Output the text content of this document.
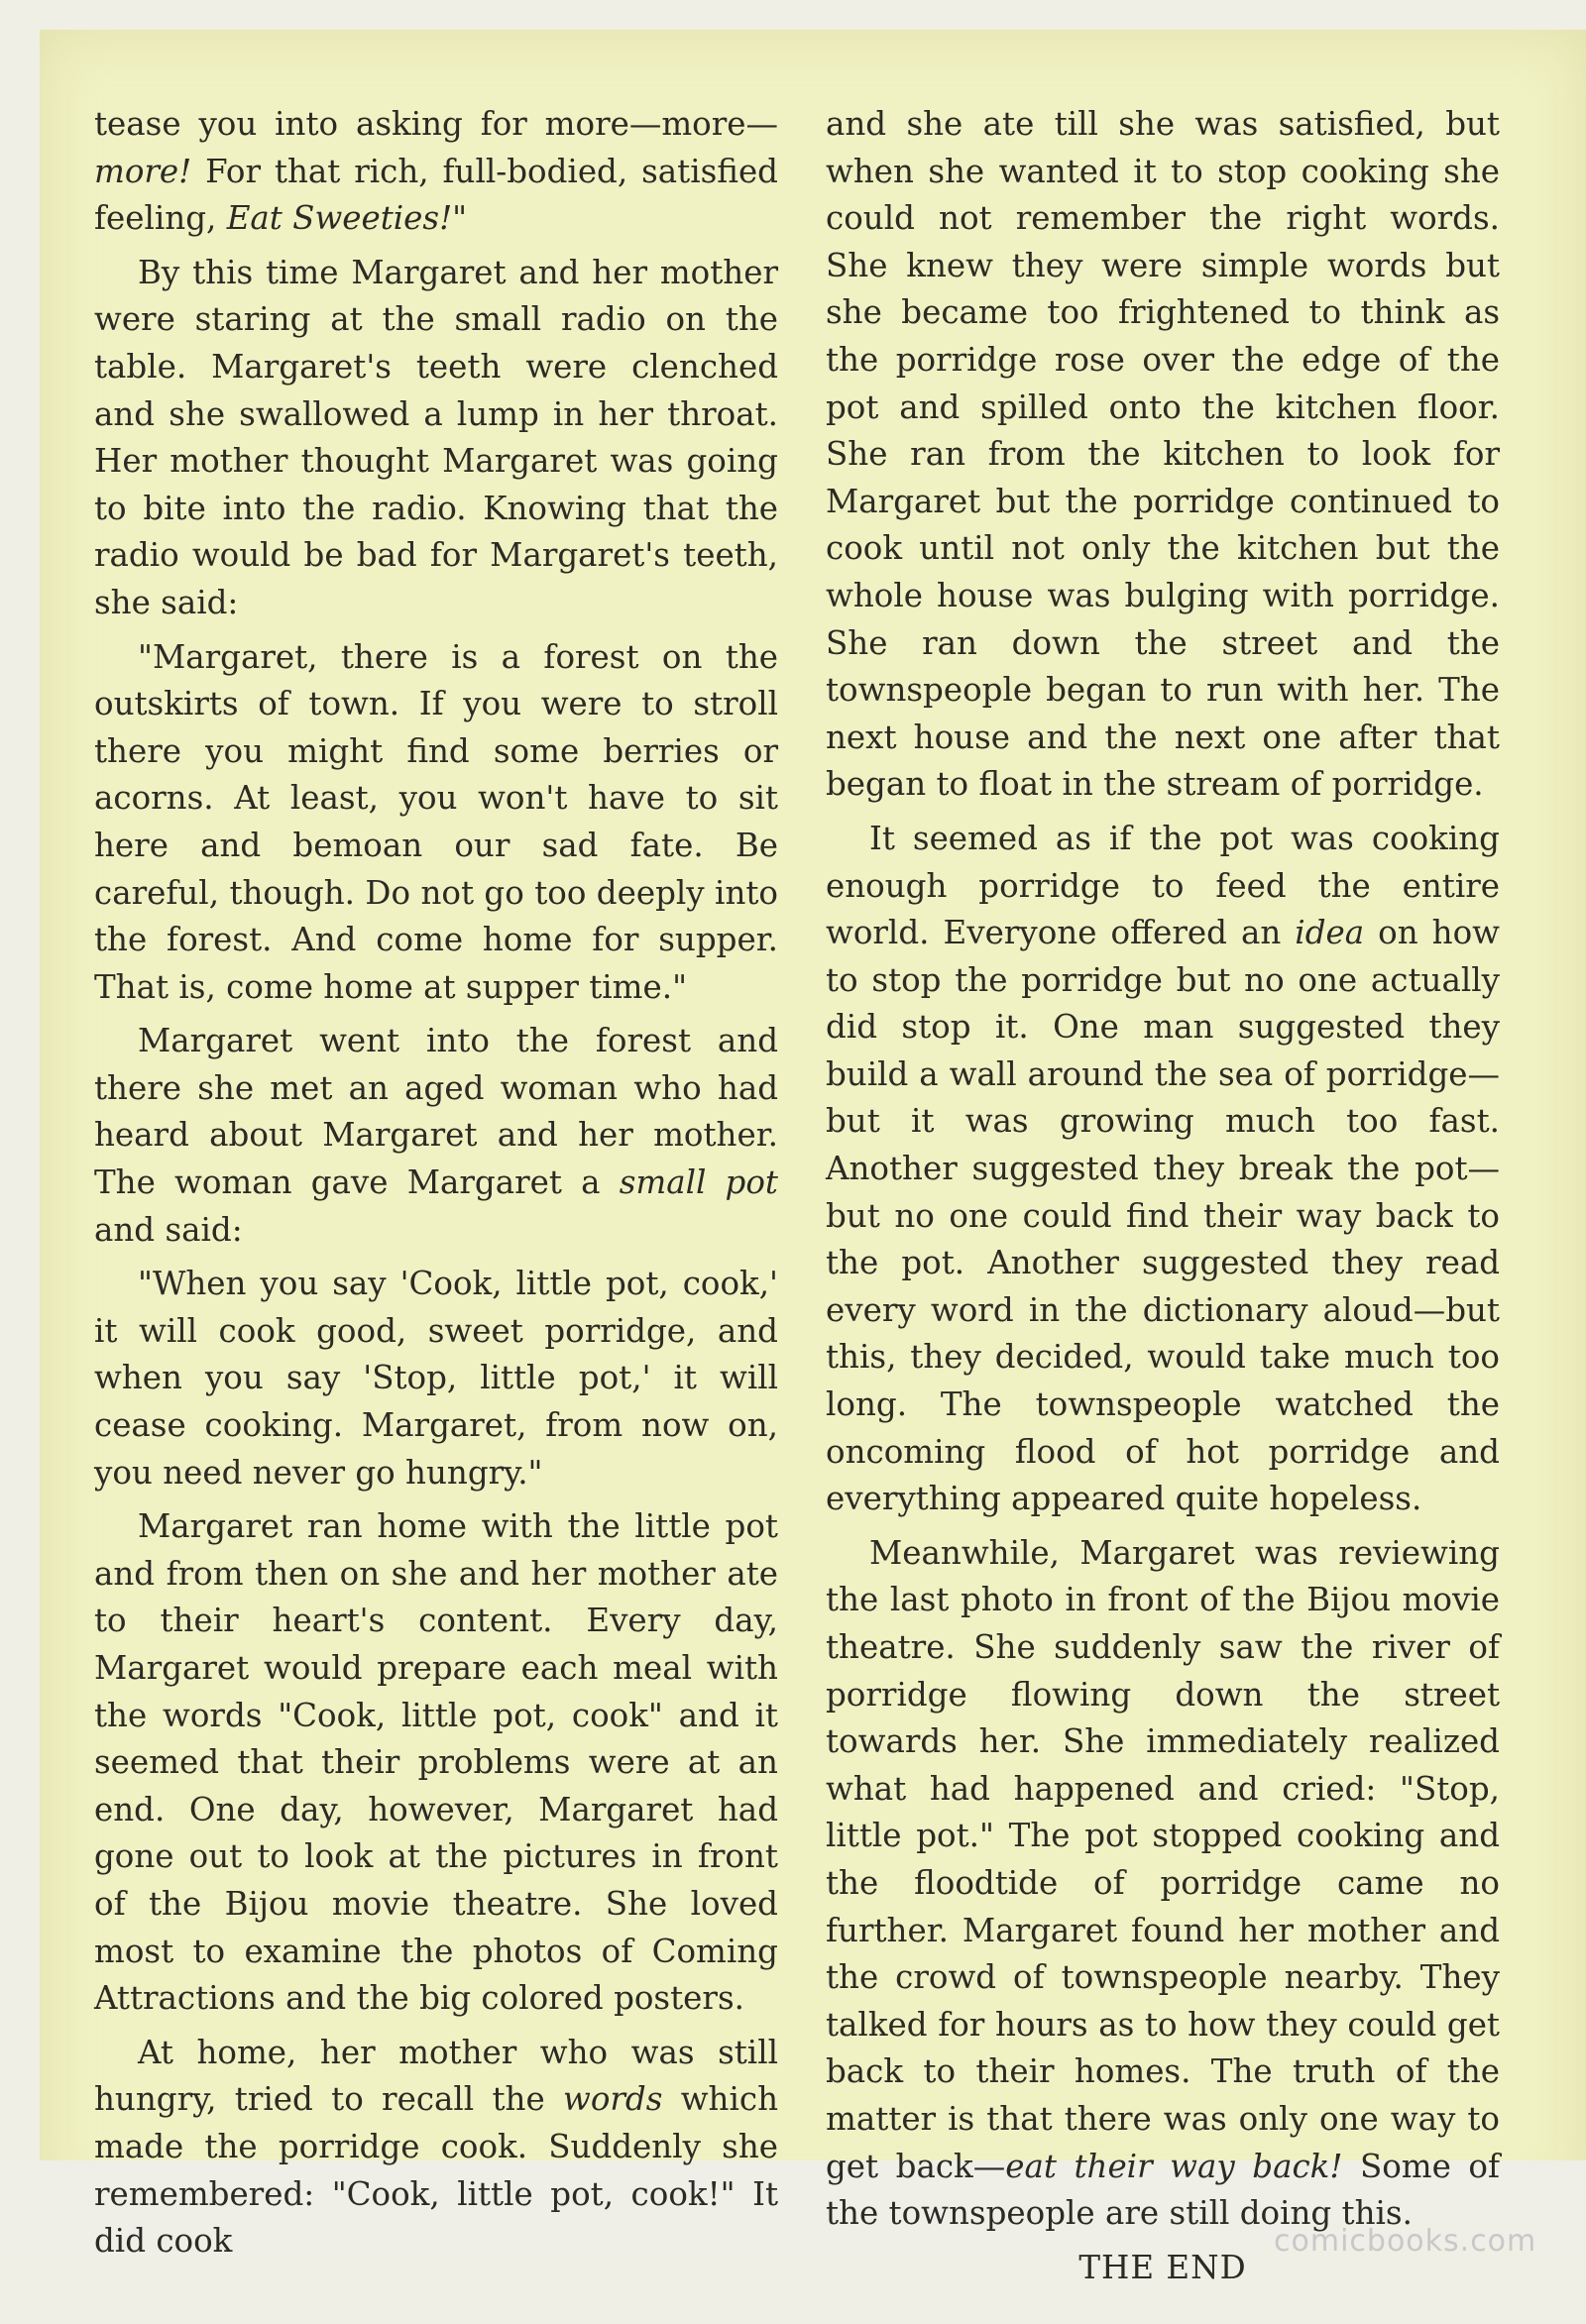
tease you into asking for more—more—more! For that rich, full-bodied, satisfied feeling, Eat Sweeties!"

By this time Margaret and her mother were staring at the small radio on the table. Margaret's teeth were clenched and she swallowed a lump in her throat. Her mother thought Margaret was going to bite into the radio. Knowing that the radio would be bad for Margaret's teeth, she said:

"Margaret, there is a forest on the outskirts of town. If you were to stroll there you might find some berries or acorns. At least, you won't have to sit here and bemoan our sad fate. Be careful, though. Do not go too deeply into the forest. And come home for supper. That is, come home at supper time."

Margaret went into the forest and there she met an aged woman who had heard about Margaret and her mother. The woman gave Margaret a small pot and said:

"When you say 'Cook, little pot, cook,' it will cook good, sweet porridge, and when you say 'Stop, little pot,' it will cease cooking. Margaret, from now on, you need never go hungry."

Margaret ran home with the little pot and from then on she and her mother ate to their heart's content. Every day, Margaret would prepare each meal with the words "Cook, little pot, cook" and it seemed that their problems were at an end. One day, however, Margaret had gone out to look at the pictures in front of the Bijou movie theatre. She loved most to examine the photos of Coming Attractions and the big colored posters.

At home, her mother who was still hungry, tried to recall the words which made the porridge cook. Suddenly she remembered: "Cook, little pot, cook!" It did cook

and she ate till she was satisfied, but when she wanted it to stop cooking she could not remember the right words. She knew they were simple words but she became too frightened to think as the porridge rose over the edge of the pot and spilled onto the kitchen floor. She ran from the kitchen to look for Margaret but the porridge continued to cook until not only the kitchen but the whole house was bulging with porridge. She ran down the street and the townspeople began to run with her. The next house and the next one after that began to float in the stream of porridge.

It seemed as if the pot was cooking enough porridge to feed the entire world. Everyone offered an idea on how to stop the porridge but no one actually did stop it. One man suggested they build a wall around the sea of porridge—but it was growing much too fast. Another suggested they break the pot—but no one could find their way back to the pot. Another suggested they read every word in the dictionary aloud—but this, they decided, would take much too long. The townspeople watched the oncoming flood of hot porridge and everything appeared quite hopeless.

Meanwhile, Margaret was reviewing the last photo in front of the Bijou movie theatre. She suddenly saw the river of porridge flowing down the street towards her. She immediately realized what had happened and cried: "Stop, little pot." The pot stopped cooking and the floodtide of porridge came no further. Margaret found her mother and the crowd of townspeople nearby. They talked for hours as to how they could get back to their homes. The truth of the matter is that there was only one way to get back—eat their way back! Some of the townspeople are still doing this.

THE END

comicbooks.com
